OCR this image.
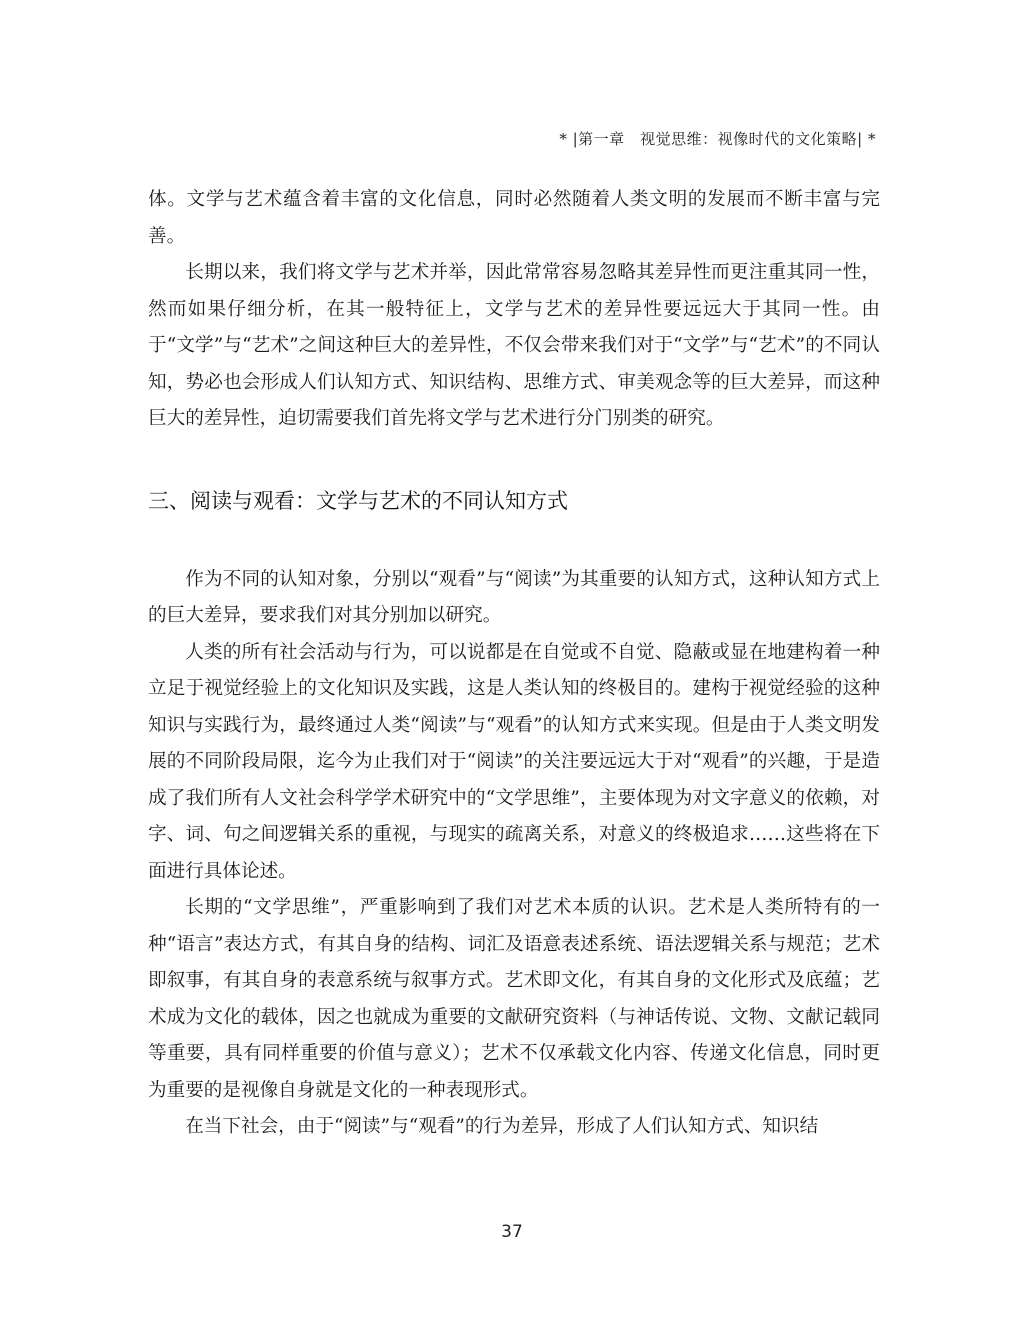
* |第一章　视觉思维：视像时代的文化策略| *

体。文学与艺术蕴含着丰富的文化信息，同时必然随着人类文明的发展而不断丰富与完善。

长期以来，我们将文学与艺术并举，因此常常容易忽略其差异性而更注重其同一性，然而如果仔细分析，在其一般特征上，文学与艺术的差异性要远远大于其同一性。由于“文学”与“艺术”之间这种巨大的差异性，不仅会带来我们对于“文学”与“艺术”的不同认知，势必也会形成人们认知方式、知识结构、思维方式、审美观念等的巨大差异，而这种巨大的差异性，迫切需要我们首先将文学与艺术进行分门别类的研究。

三、阅读与观看：文学与艺术的不同认知方式

作为不同的认知对象，分别以“观看”与“阅读”为其重要的认知方式，这种认知方式上的巨大差异，要求我们对其分别加以研究。

人类的所有社会活动与行为，可以说都是在自觉或不自觉、隐蔽或显在地建构着一种立足于视觉经验上的文化知识及实践，这是人类认知的终极目的。建构于视觉经验的这种知识与实践行为，最终通过人类“阅读”与“观看”的认知方式来实现。但是由于人类文明发展的不同阶段局限，迄今为止我们对于“阅读”的关注要远远大于对“观看”的兴趣，于是造成了我们所有人文社会科学学术研究中的“文学思维”，主要体现为对文字意义的依赖，对字、词、句之间逻辑关系的重视，与现实的疏离关系，对意义的终极追求……这些将在下面进行具体论述。

长期的“文学思维”，严重影响到了我们对艺术本质的认识。艺术是人类所特有的一种“语言”表达方式，有其自身的结构、词汇及语意表述系统、语法逻辑关系与规范；艺术即叙事，有其自身的表意系统与叙事方式。艺术即文化，有其自身的文化形式及底蕴；艺术成为文化的载体，因之也就成为重要的文献研究资料（与神话传说、文物、文献记载同等重要，具有同样重要的价值与意义）；艺术不仅承载文化内容、传递文化信息，同时更为重要的是视像自身就是文化的一种表现形式。

在当下社会，由于“阅读”与“观看”的行为差异，形成了人们认知方式、知识结

37
